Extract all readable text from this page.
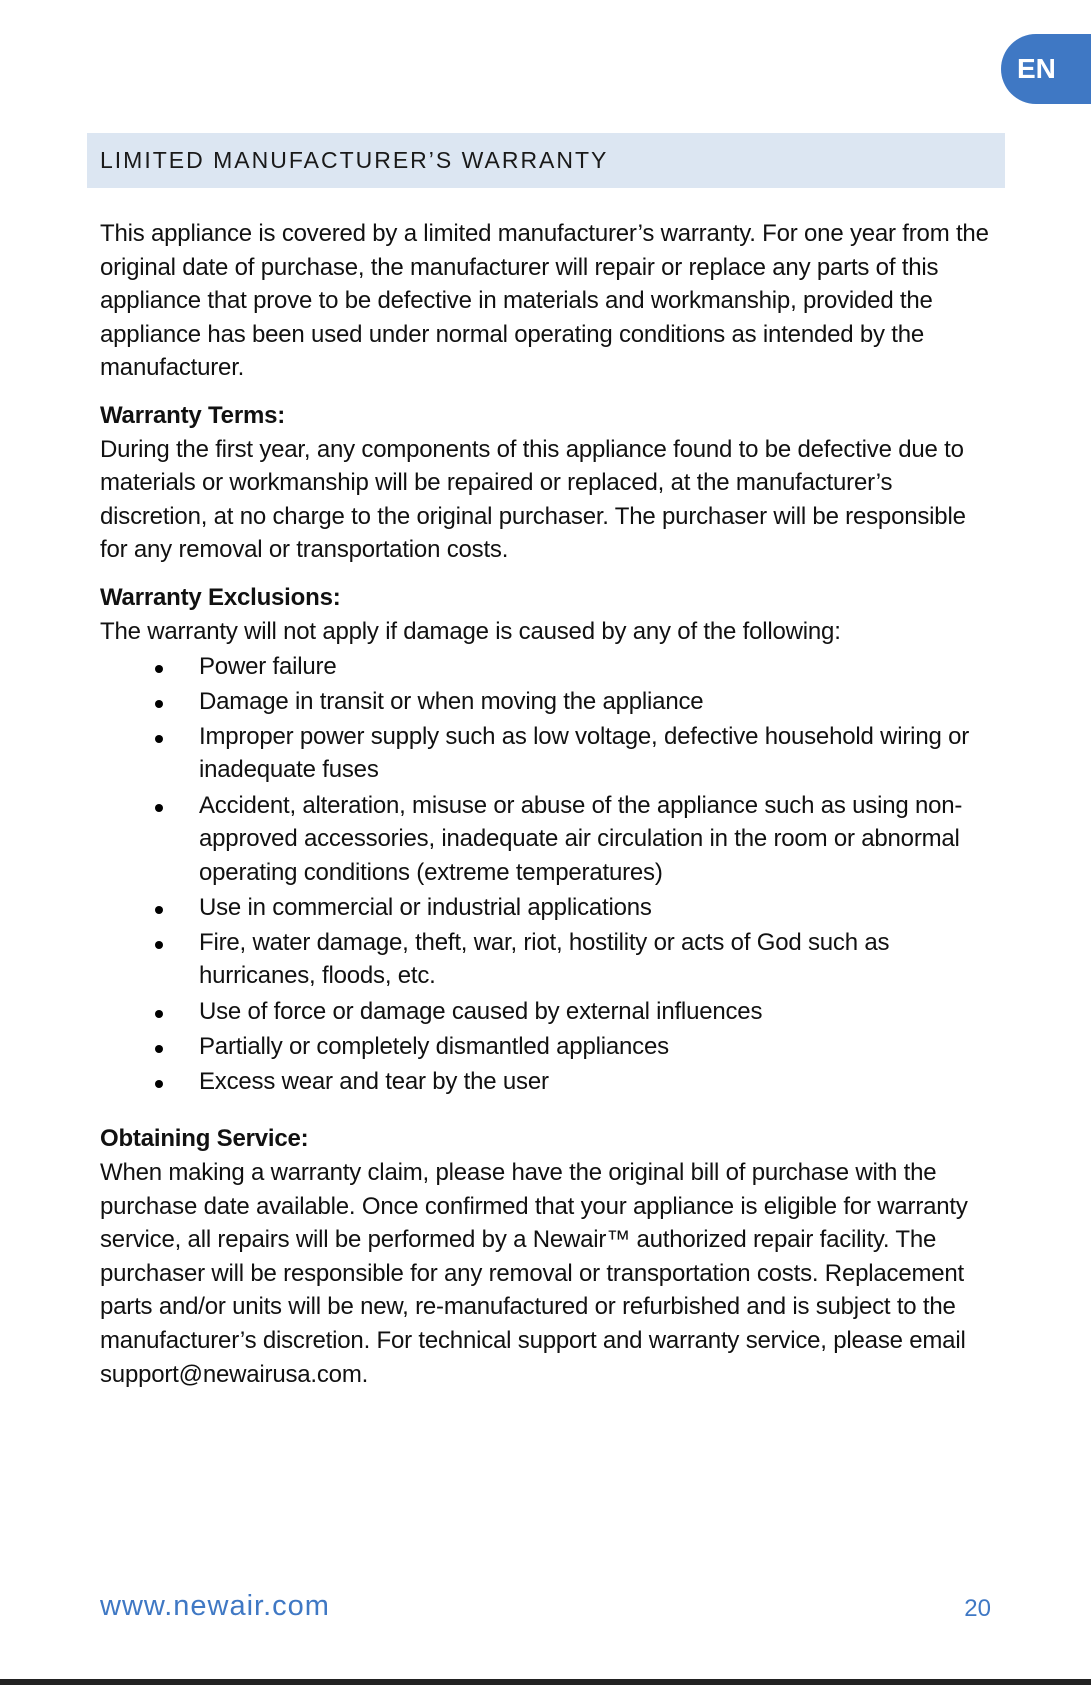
EN
LIMITED MANUFACTURER’S WARRANTY

This appliance is covered by a limited manufacturer’s warranty. For one year from the original date of purchase, the manufacturer will repair or replace any parts of this appliance that prove to be defective in materials and workmanship, provided the appliance has been used under normal operating conditions as intended by the manufacturer.

Warranty Terms:

During the first year, any components of this appliance found to be defective due to materials or workmanship will be repaired or replaced, at the manufacturer’s discretion, at no charge to the original purchaser. The purchaser will be responsible for any removal or transportation costs.

Warranty Exclusions:

The warranty will not apply if damage is caused by any of the following:

Power failure
Damage in transit or when moving the appliance
Improper power supply such as low voltage, defective household wiring or inadequate fuses
Accident, alteration, misuse or abuse of the appliance such as using non-approved accessories, inadequate air circulation in the room or abnormal operating conditions (extreme temperatures)
Use in commercial or industrial applications
Fire, water damage, theft, war, riot, hostility or acts of God such as hurricanes, floods, etc.
Use of force or damage caused by external influences
Partially or completely dismantled appliances
Excess wear and tear by the user

Obtaining Service:

When making a warranty claim, please have the original bill of purchase with the purchase date available. Once confirmed that your appliance is eligible for warranty service, all repairs will be performed by a Newair™ authorized repair facility. The purchaser will be responsible for any removal or transportation costs. Replacement parts and/or units will be new, re-manufactured or refurbished and is subject to the manufacturer’s discretion. For technical support and warranty service, please email support@newairusa.com.

www.newair.com	20
